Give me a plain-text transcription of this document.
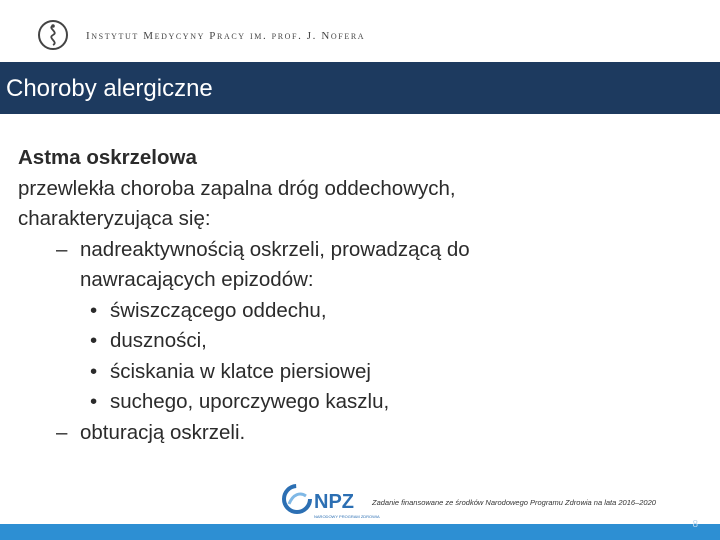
Instytut Medycyny Pracy im. prof. J. Nofera
Choroby alergiczne
Astma oskrzelowa
przewlekła choroba zapalna dróg oddechowych,
charakteryzująca się:
– nadreaktywnością oskrzeli, prowadzącą do
nawracających epizodów:
• świszczącego oddechu,
• duszności,
• ściskania w klatce piersiowej
• suchego, uporczywego kaszlu,
– obturacją oskrzeli.
NPZ
NARODOWY PROGRAM ZDROWIA
Zadanie finansowane ze środków Narodowego Programu Zdrowia na lata 2016–2020
8
